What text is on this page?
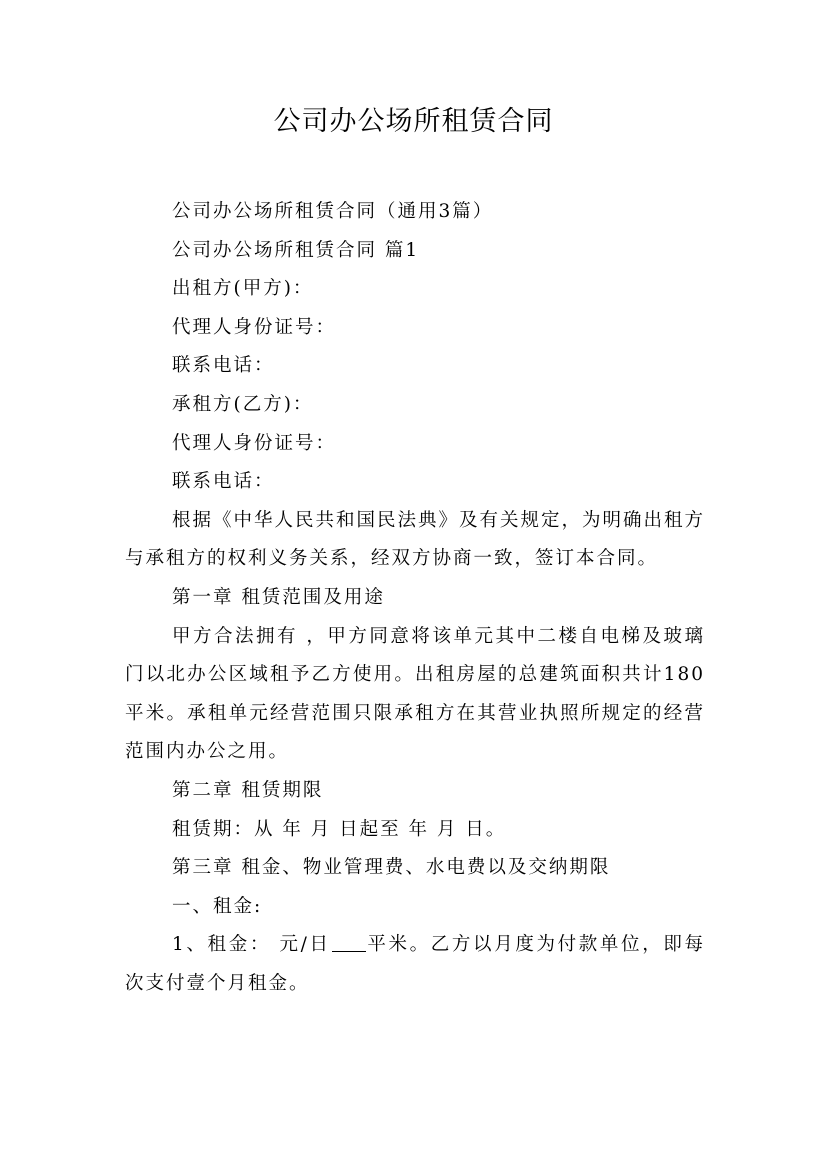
公司办公场所租赁合同

公司办公场所租赁合同（通用3篇）

公司办公场所租赁合同 篇1

出租方(甲方)：

代理人身份证号：

联系电话：

承租方(乙方)：

代理人身份证号：

联系电话：

根据《中华人民共和国民法典》及有关规定，为明确出租方与承租方的权利义务关系，经双方协商一致，签订本合同。

第一章 租赁范围及用途

甲方合法拥有 ，甲方同意将该单元其中二楼自电梯及玻璃门以北办公区域租予乙方使用。出租房屋的总建筑面积共计180平米。承租单元经营范围只限承租方在其营业执照所规定的经营范围内办公之用。

第二章 租赁期限

租赁期：从 年 月 日起至 年 月 日。

第三章 租金、物业管理费、水电费以及交纳期限

一、租金:

1、租金： 元/日 平米。乙方以月度为付款单位，即每次支付壹个月租金。
